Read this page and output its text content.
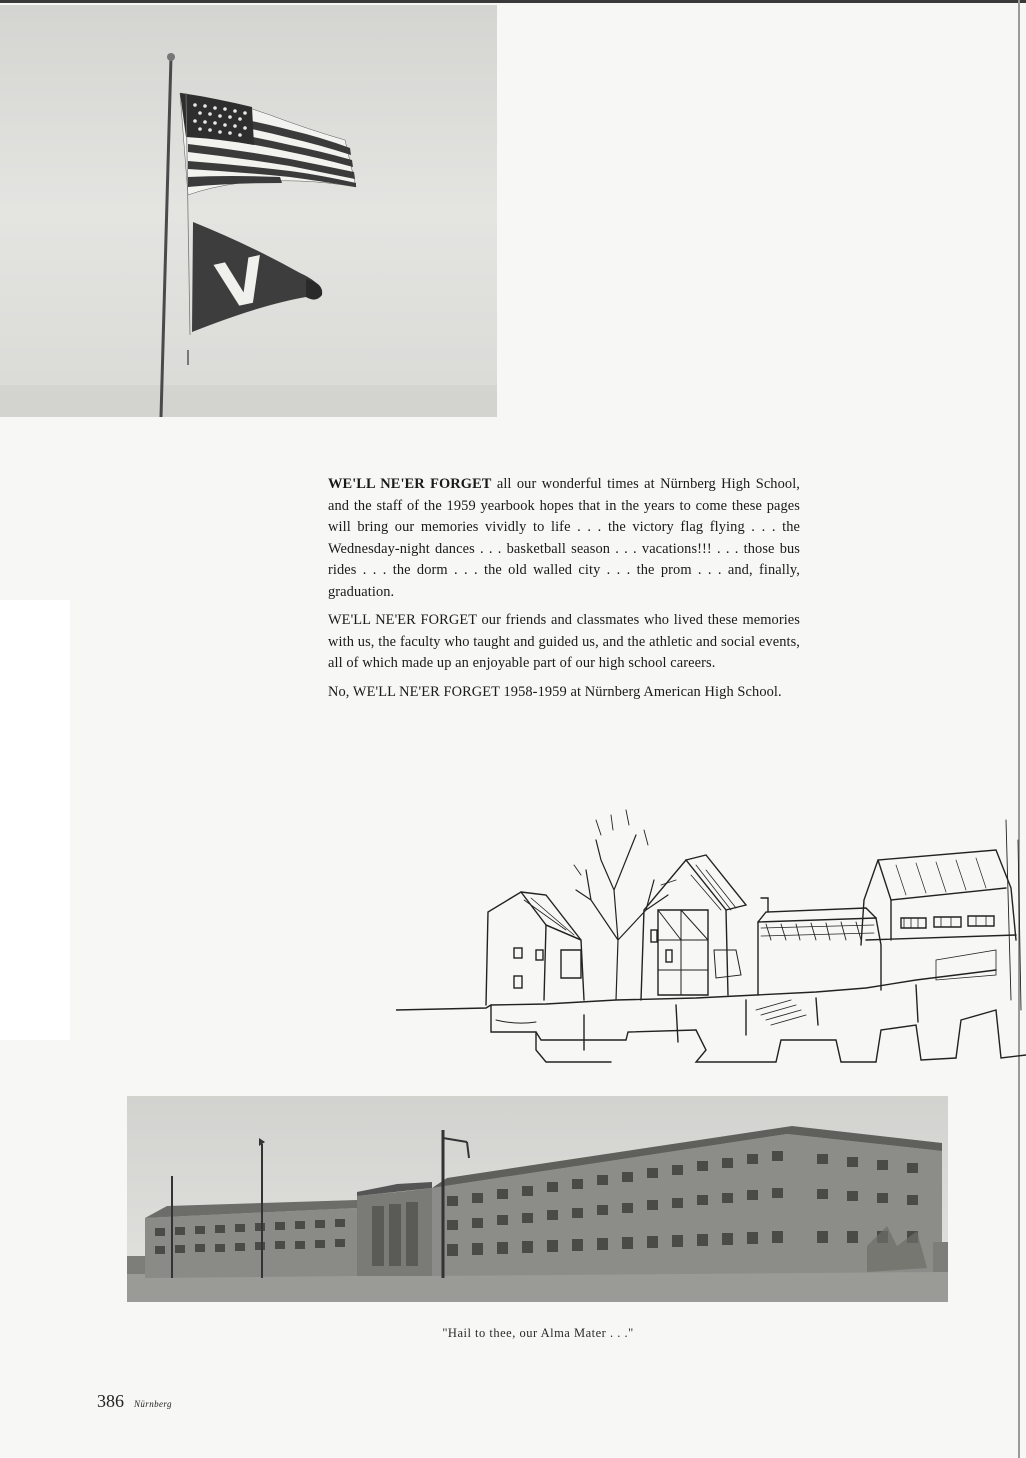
V

WE'LL NE'ER FORGET all our wonderful times at Nürnberg High School, and the staff of the 1959 yearbook hopes that in the years to come these pages will bring our memories vividly to life . . . the victory flag flying . . . the Wednesday-night dances . . . basketball season . . . vacations!!! . . . those bus rides . . . the dorm . . . the old walled city . . . the prom . . . and, finally, graduation.

WE'LL NE'ER FORGET our friends and classmates who lived these memories with us, the faculty who taught and guided us, and the athletic and social events, all of which made up an enjoyable part of our high school careers.

No, WE'LL NE'ER FORGET 1958-1959 at Nürnberg American High School.

"Hail to thee, our Alma Mater . . ."
386 Nürnberg
